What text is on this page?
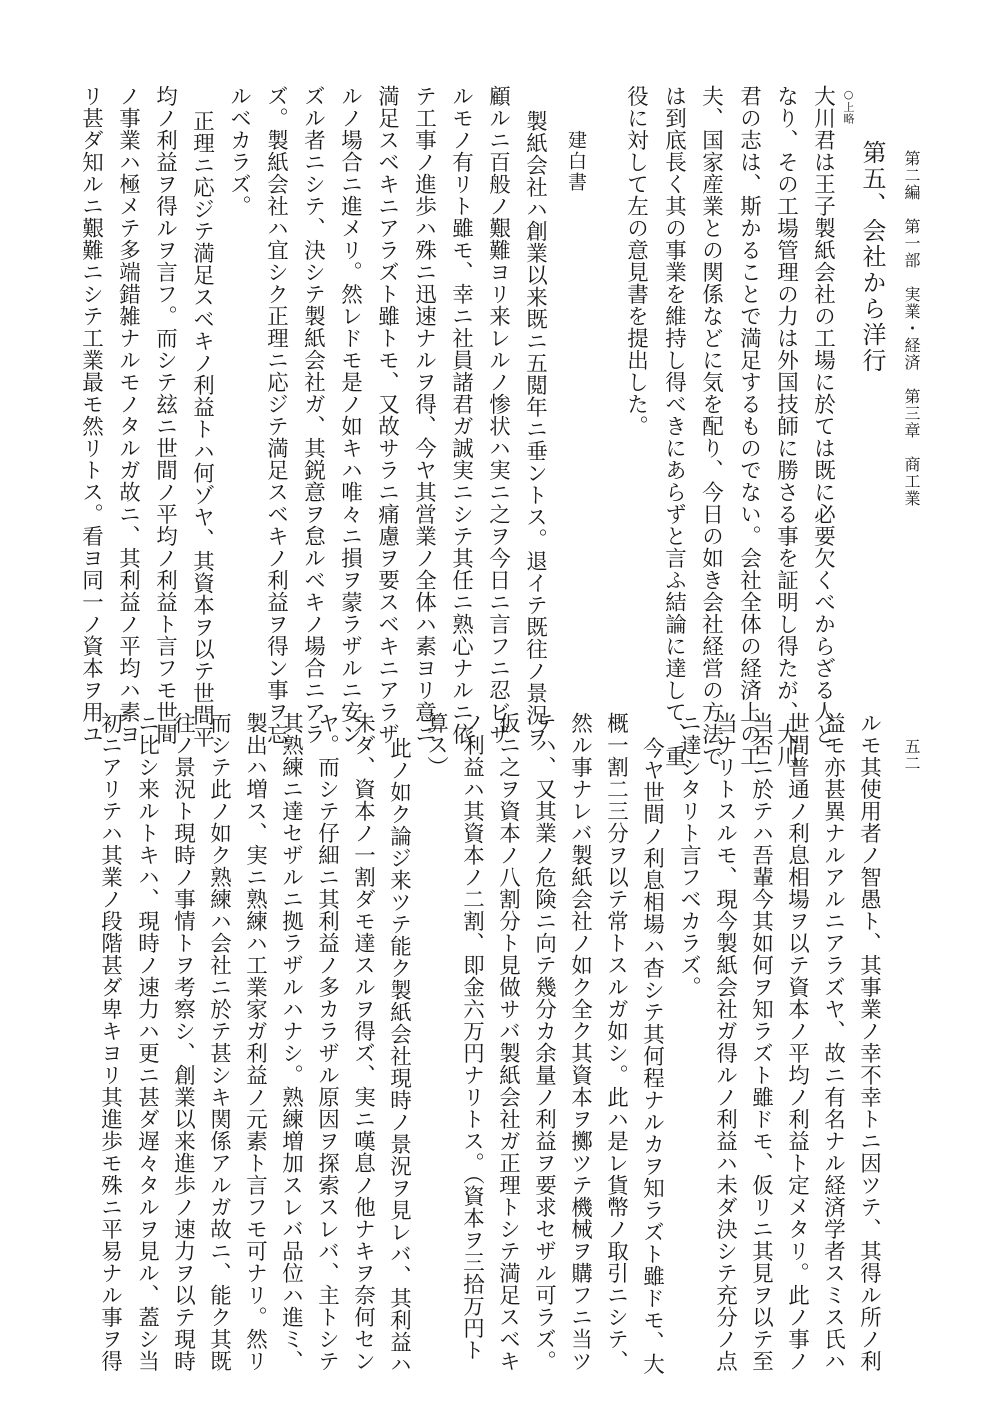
第二編　第一部　実業・経済　第三章　商工業
五二
第五、会社から洋行
大川君は王子製紙会社の工場に於ては既に必要欠くべからざる人と
なり、その工場管理の力は外国技師に勝さる事を証明し得たが、大川
君の志は、斯かることで満足するものでない。会社全体の経済上の工
夫、国家産業との関係などに気を配り、今日の如き会社経営の方法で
は到底長く其の事業を維持し得べきにあらずと言ふ結論に達して、重
役に対して左の意見書を提出した。	○上略
建白書
製紙会社ハ創業以来既ニ五閲年ニ垂ントス。退イテ既往ノ景況ヲ
顧ルニ百般ノ艱難ヨリ来レルノ惨状ハ実ニ之ヲ今日ニ言フニ忍ビザ
ルモノ有リト雖モ、幸ニ社員諸君ガ誠実ニシテ其任ニ熟心ナルニ依
テ工事ノ進歩ハ殊ニ迅速ナルヲ得、今ヤ其営業ノ全体ハ素ヨリ意ニ
満足スベキニアラズト雖トモ、又故サラニ痛慮ヲ要スベキニアラザ
ルノ場合ニ進メリ。然レドモ是ノ如キハ唯々ニ損ヲ蒙ラザルニ安ン
ズル者ニシテ、決シテ製紙会社ガ、其鋭意ヲ怠ルベキノ場合ニアラ
ズ。製紙会社ハ宜シク正理ニ応ジテ満足スベキノ利益ヲ得ン事ヲ忘
ルベカラズ。
正理ニ応ジテ満足スベキノ利益トハ何ゾヤ、其資本ヲ以テ世間平
均ノ利益ヲ得ルヲ言フ。而シテ玆ニ世間ノ平均ノ利益ト言フモ世間
ノ事業ハ極メテ多端錯雑ナルモノタルガ故ニ、其利益ノ平均ハ素ヨ
リ甚ダ知ルニ艱難ニシテ工業最モ然リトス。看ヨ同一ノ資本ヲ用ユ
ルモ其使用者ノ智愚ト、其事業ノ幸不幸トニ因ツテ、其得ル所ノ利
益モ亦甚異ナルアルニアラズヤ、故ニ有名ナル経済学者スミス氏ハ
世間普通ノ利息相場ヲ以テ資本ノ平均ノ利益ト定メタリ。此ノ事ノ
当否ニ於テハ吾輩今其如何ヲ知ラズト雖ドモ、仮リニ其見ヲ以テ至
当ナリトスルモ、現今製紙会社ガ得ルノ利益ハ未ダ決シテ充分ノ点
ニ達シタリト言フベカラズ。
今ヤ世間ノ利息相場ハ杳シテ其何程ナルカヲ知ラズト雖ドモ、大
概一割二三分ヲ以テ常トスルガ如シ。此ハ是レ貨幣ノ取引ニシテ、
然ル事ナレバ製紙会社ノ如ク全ク其資本ヲ擲ツテ機械ヲ購フニ当ツ
テハ、又其業ノ危険ニ向テ幾分カ余量ノ利益ヲ要求セザル可ラズ。
仮ニ之ヲ資本ノ八割分ト見做サバ製紙会社ガ正理トシテ満足スベキ
ノ利益ハ其資本ノ二割、即金六万円ナリトス。（資本ヲ三拾万円ト
算ス）
此ノ如ク論ジ来ツテ能ク製紙会社現時ノ景況ヲ見レバ、其利益ハ
未ダ、資本ノ一割ダモ達スルヲ得ズ、実ニ嘆息ノ他ナキヲ奈何セン
ヤ。而シテ仔細ニ其利益ノ多カラザル原因ヲ探索スレバ、主トシテ
其熟練ニ達セザルニ拠ラザルハナシ。熟練増加スレバ品位ハ進ミ、
製出ハ増ス、実ニ熟練ハ工業家ガ利益ノ元素ト言フモ可ナリ。然リ
而シテ此ノ如ク熟練ハ会社ニ於テ甚シキ関係アルガ故ニ、能ク其既
往ノ景況ト現時ノ事情トヲ考察シ、創業以来進歩ノ速力ヲ以テ現時
ニ比シ来ルトキハ、現時ノ速力ハ更ニ甚ダ遅々タルヲ見ル、蓋シ当
初ニアリテハ其業ノ段階甚ダ卑キヨリ其進歩モ殊ニ平易ナル事ヲ得
